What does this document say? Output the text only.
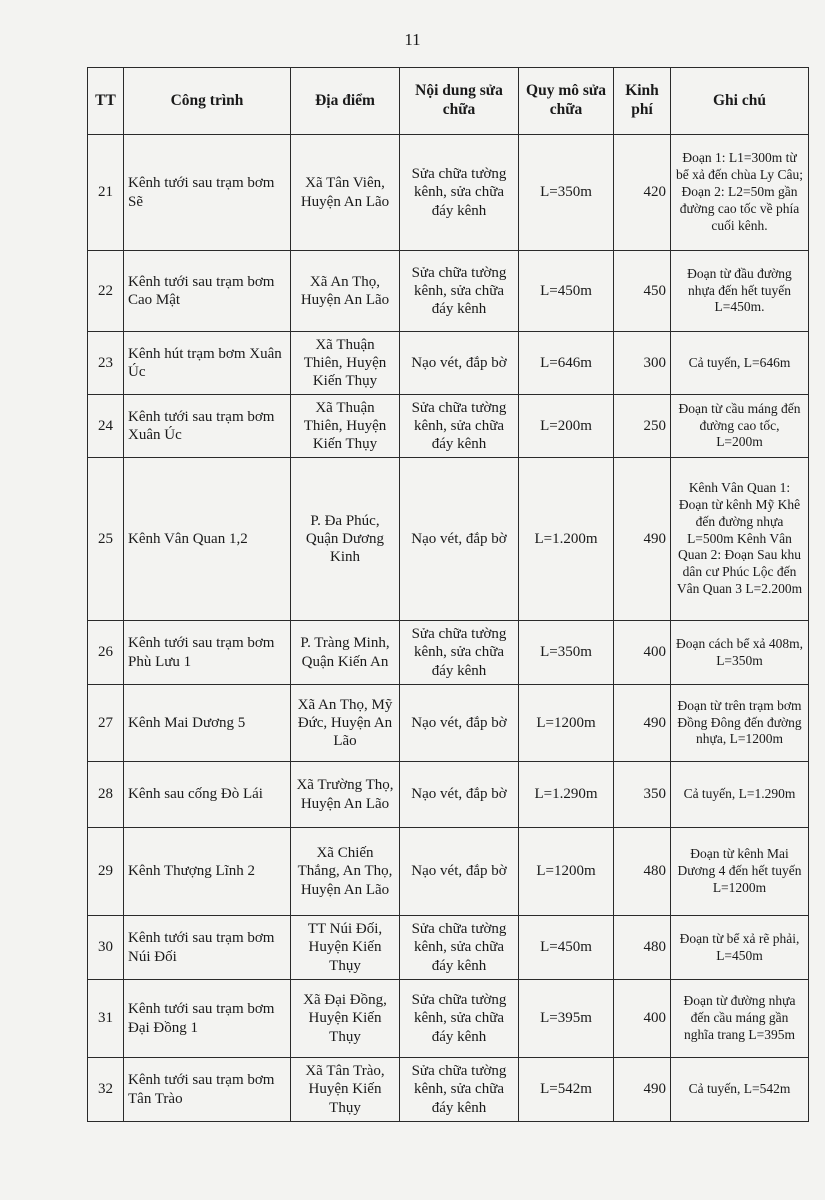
11
TT	Công trình	Địa điểm	Nội dung sửa chữa	Quy mô sửa chữa	Kinh phí	Ghi chú
21	Kênh tưới sau trạm bơm Sẽ	Xã Tân Viên, Huyện An Lão	Sửa chữa tường kênh, sửa chữa đáy kênh	L=350m	420	Đoạn 1: L1=300m từ bể xả đến chùa Ly Câu; Đoạn 2: L2=50m gần đường cao tốc về phía cuối kênh.
22	Kênh tưới sau trạm bơm Cao Mật	Xã An Thọ, Huyện An Lão	Sửa chữa tường kênh, sửa chữa đáy kênh	L=450m	450	Đoạn từ đầu đường nhựa đến hết tuyến L=450m.
23	Kênh hút trạm bơm Xuân Úc	Xã Thuận Thiên, Huyện Kiến Thụy	Nạo vét, đắp bờ	L=646m	300	Cả tuyến, L=646m
24	Kênh tưới sau trạm bơm Xuân Úc	Xã Thuận Thiên, Huyện Kiến Thụy	Sửa chữa tường kênh, sửa chữa đáy kênh	L=200m	250	Đoạn từ cầu máng đến đường cao tốc, L=200m
25	Kênh Vân Quan 1,2	P. Đa Phúc, Quận Dương Kinh	Nạo vét, đắp bờ	L=1.200m	490	Kênh Vân Quan 1: Đoạn từ kênh Mỹ Khê đến đường nhựa L=500m Kênh Vân Quan 2: Đoạn Sau khu dân cư Phúc Lộc đến Vân Quan 3 L=2.200m
26	Kênh tưới sau trạm bơm Phù Lưu 1	P. Tràng Minh, Quận Kiến An	Sửa chữa tường kênh, sửa chữa đáy kênh	L=350m	400	Đoạn cách bể xả 408m, L=350m
27	Kênh Mai Dương 5	Xã An Thọ, Mỹ Đức, Huyện An Lão	Nạo vét, đắp bờ	L=1200m	490	Đoạn từ trên trạm bơm Đồng Đông đến đường nhựa, L=1200m
28	Kênh sau cống Đò Lái	Xã Trường Thọ, Huyện An Lão	Nạo vét, đắp bờ	L=1.290m	350	Cả tuyến, L=1.290m
29	Kênh Thượng Lĩnh 2	Xã Chiến Thắng, An Thọ, Huyện An Lão	Nạo vét, đắp bờ	L=1200m	480	Đoạn từ kênh Mai Dương 4 đến hết tuyến L=1200m
30	Kênh tưới sau trạm bơm Núi Đối	TT Núi Đối, Huyện Kiến Thụy	Sửa chữa tường kênh, sửa chữa đáy kênh	L=450m	480	Đoạn từ bể xả rẽ phải, L=450m
31	Kênh tưới sau trạm bơm Đại Đồng 1	Xã Đại Đồng, Huyện Kiến Thụy	Sửa chữa tường kênh, sửa chữa đáy kênh	L=395m	400	Đoạn từ đường nhựa đến cầu máng gần nghĩa trang L=395m
32	Kênh tưới sau trạm bơm Tân Trào	Xã Tân Trào, Huyện Kiến Thụy	Sửa chữa tường kênh, sửa chữa đáy kênh	L=542m	490	Cả tuyến, L=542m
